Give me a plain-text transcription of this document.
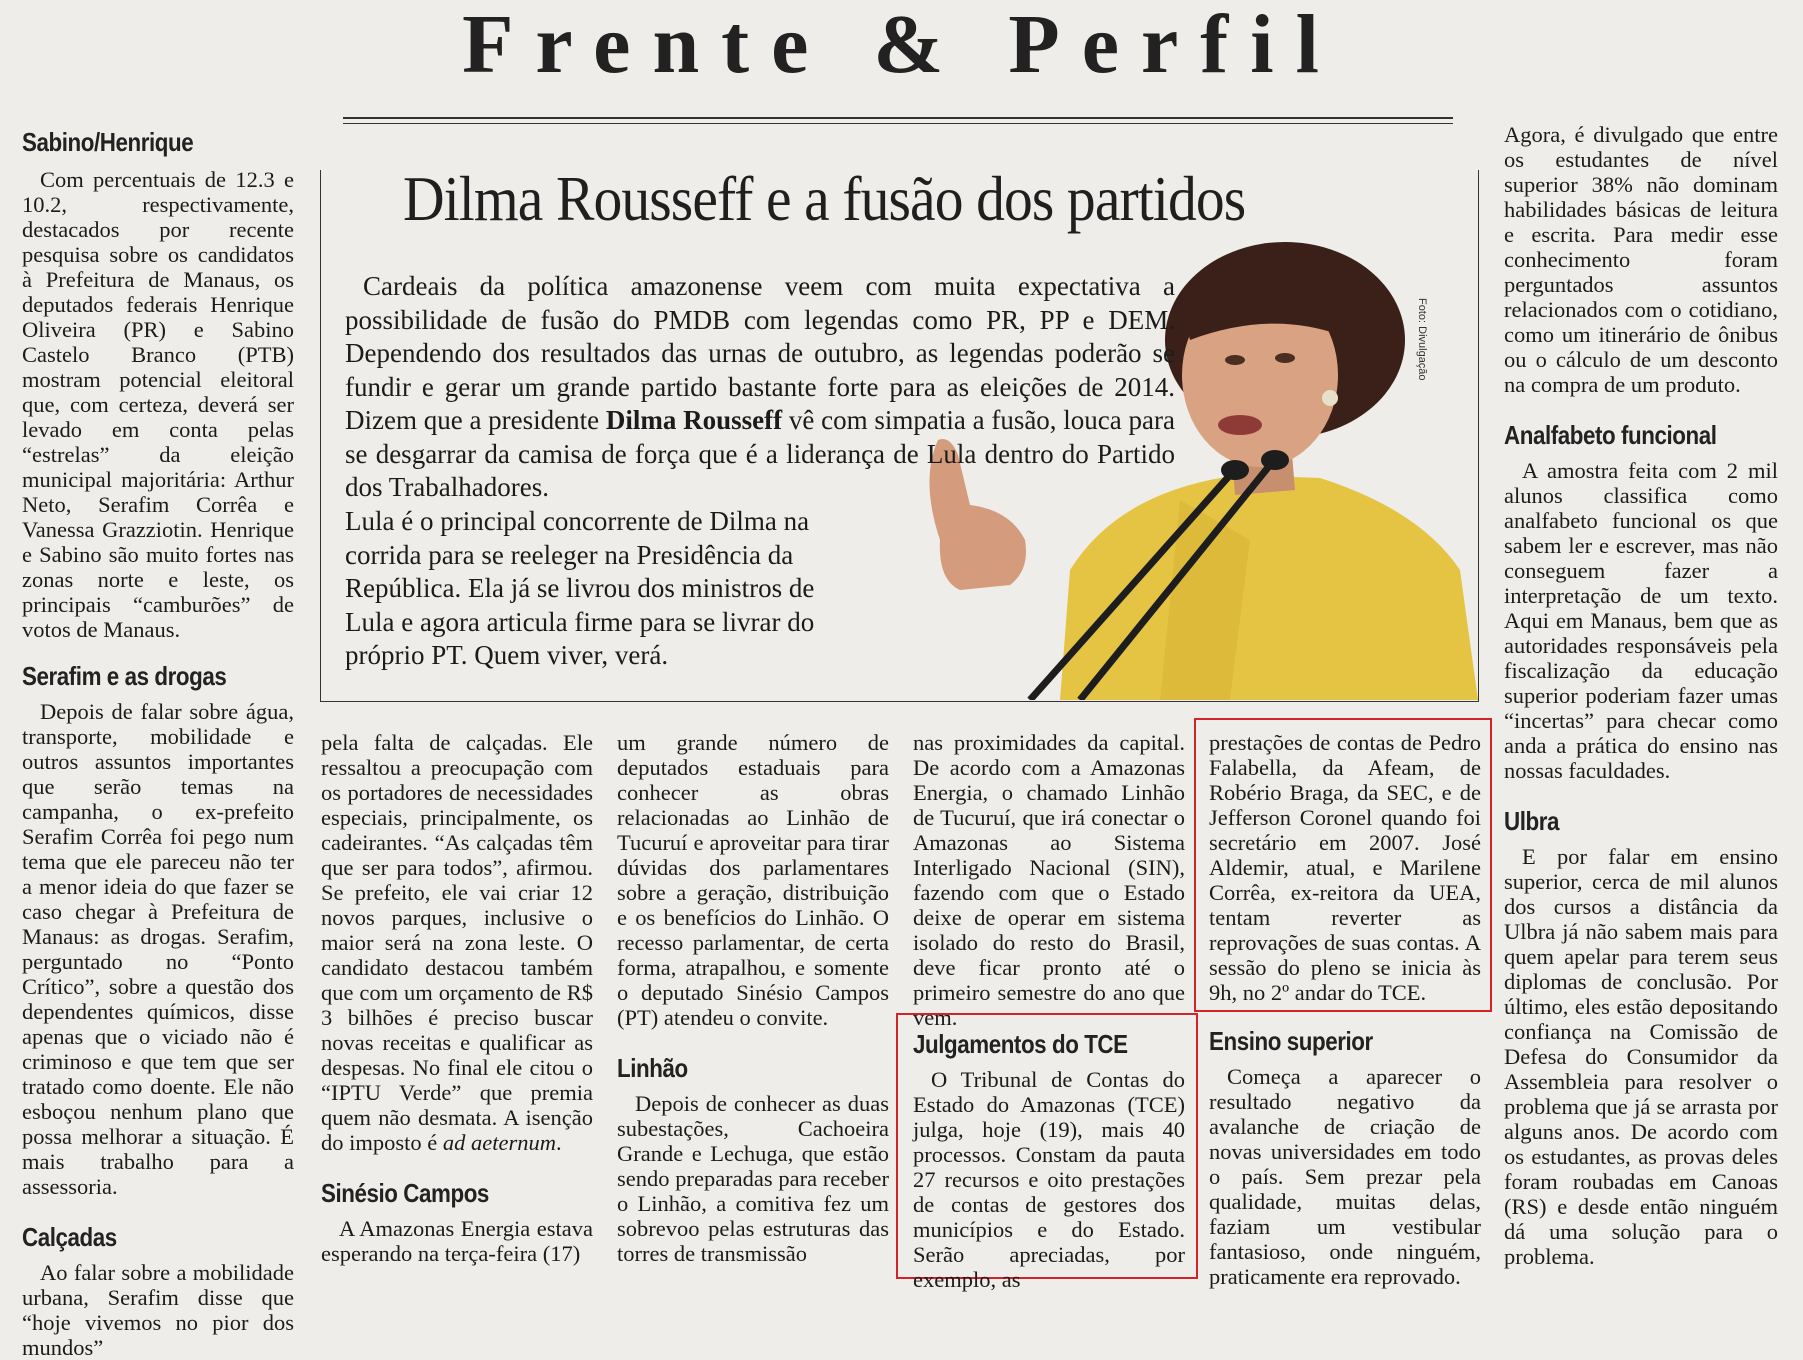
Frente & Perfil
Dilma Rousseff e a fusão dos partidos
Foto: Divulgação

Cardeais da política amazonense veem com muita expectativa a possibilidade de fusão do PMDB com legendas como PR, PP e DEM. Dependendo dos resultados das urnas de outubro, as legendas poderão se fundir e gerar um grande partido bastante forte para as eleições de 2014. Dizem que a presidente Dilma Rousseff vê com simpatia a fusão, louca para se desgarrar da camisa de força que é a liderança de Lula dentro do Partido dos Trabalhadores.

Lula é o principal concorrente de Dilma na corrida para se reeleger na Presidência da República. Ela já se livrou dos ministros de Lula e agora articula firme para se livrar do próprio PT. Quem viver, verá.
Sabino/Henrique

Com percentuais de 12.3 e 10.2, respectivamente, destacados por recente pesquisa sobre os candidatos à Prefeitura de Manaus, os deputados federais Henrique Oliveira (PR) e Sabino Castelo Branco (PTB) mostram potencial eleitoral que, com certeza, deverá ser levado em conta pelas “estrelas” da eleição municipal majoritária: Arthur Neto, Serafim Corrêa e Vanessa Grazziotin. Henrique e Sabino são muito fortes nas zonas norte e leste, os principais “camburões” de votos de Manaus.

Serafim e as drogas

Depois de falar sobre água, transporte, mobilidade e outros assuntos importantes que serão temas na campanha, o ex-prefeito Serafim Corrêa foi pego num tema que ele pareceu não ter a menor ideia do que fazer se caso chegar à Prefeitura de Manaus: as drogas. Serafim, perguntado no “Ponto Crítico”, sobre a questão dos dependentes químicos, disse apenas que o viciado não é criminoso e que tem que ser tratado como doente. Ele não esboçou nenhum plano que possa melhorar a situação. É mais trabalho para a assessoria.

Calçadas

Ao falar sobre a mobilidade urbana, Serafim disse que “hoje vivemos no pior dos mundos”

pela falta de calçadas. Ele ressaltou a preocupação com os portadores de necessidades especiais, principalmente, os cadeirantes. “As calçadas têm que ser para todos”, afirmou. Se prefeito, ele vai criar 12 novos parques, inclusive o maior será na zona leste. O candidato destacou também que com um orçamento de R$ 3 bilhões é preciso buscar novas receitas e qualificar as despesas. No final ele citou o “IPTU Verde” que premia quem não desmata. A isenção do imposto é ad aeternum.

Sinésio Campos

A Amazonas Energia estava esperando na terça-feira (17)

um grande número de deputados estaduais para conhecer as obras relacionadas ao Linhão de Tucuruí e aproveitar para tirar dúvidas dos parlamentares sobre a geração, distribuição e os benefícios do Linhão. O recesso parlamentar, de certa forma, atrapalhou, e somente o deputado Sinésio Campos (PT) atendeu o convite.

Linhão

Depois de conhecer as duas subestações, Cachoeira Grande e Lechuga, que estão sendo preparadas para receber o Linhão, a comitiva fez um sobrevoo pelas estruturas das torres de transmissão

nas proximidades da capital. De acordo com a Amazonas Energia, o chamado Linhão de Tucuruí, que irá conectar o Amazonas ao Sistema Interligado Nacional (SIN), fazendo com que o Estado deixe de operar em sistema isolado do resto do Brasil, deve ficar pronto até o primeiro semestre do ano que vem.

Julgamentos do TCE

O Tribunal de Contas do Estado do Amazonas (TCE) julga, hoje (19), mais 40 processos. Constam da pauta 27 recursos e oito prestações de contas de gestores dos municípios e do Estado. Serão apreciadas, por exemplo, as

prestações de contas de Pedro Falabella, da Afeam, de Robério Braga, da SEC, e de Jefferson Coronel quando foi secretário em 2007. José Aldemir, atual, e Marilene Corrêa, ex-reitora da UEA, tentam reverter as reprovações de suas contas. A sessão do pleno se inicia às 9h, no 2º andar do TCE.

Ensino superior

Começa a aparecer o resultado negativo da avalanche de criação de novas universidades em todo o país. Sem prezar pela qualidade, muitas delas, faziam um vestibular fantasioso, onde ninguém, praticamente era reprovado.

Agora, é divulgado que entre os estudantes de nível superior 38% não dominam habilidades básicas de leitura e escrita. Para medir esse conhecimento foram perguntados assuntos relacionados com o cotidiano, como um itinerário de ônibus ou o cálculo de um desconto na compra de um produto.

Analfabeto funcional

A amostra feita com 2 mil alunos classifica como analfabeto funcional os que sabem ler e escrever, mas não conseguem fazer a interpretação de um texto. Aqui em Manaus, bem que as autoridades responsáveis pela fiscalização da educação superior poderiam fazer umas “incertas” para checar como anda a prática do ensino nas nossas faculdades.

Ulbra

E por falar em ensino superior, cerca de mil alunos dos cursos a distância da Ulbra já não sabem mais para quem apelar para terem seus diplomas de conclusão. Por último, eles estão depositando confiança na Comissão de Defesa do Consumidor da Assembleia para resolver o problema que já se arrasta por alguns anos. De acordo com os estudantes, as provas deles foram roubadas em Canoas (RS) e desde então ninguém dá uma solução para o problema.
